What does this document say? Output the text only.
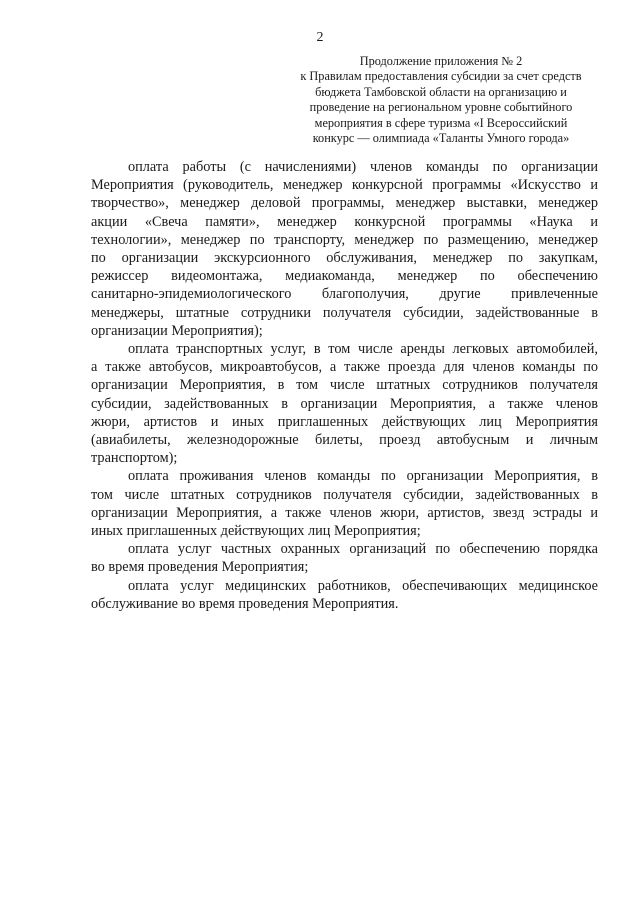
2
Продолжение приложения № 2
к Правилам предоставления субсидии за счет средств
бюджета Тамбовской области на организацию и
проведение на региональном уровне событийного
мероприятия в сфере туризма «I Всероссийский
конкурс — олимпиада «Таланты Умного города»

оплата работы (с начислениями) членов команды по организации
Мероприятия (руководитель, менеджер конкурсной программы «Искусство и
творчество», менеджер деловой программы, менеджер выставки, менеджер
акции «Свеча памяти», менеджер конкурсной программы «Наука и
технологии», менеджер по транспорту, менеджер по размещению, менеджер
по организации экскурсионного обслуживания, менеджер по закупкам,
режиссер видеомонтажа, медиакоманда, менеджер по обеспечению
санитарно-эпидемиологического благополучия, другие привлеченные
менеджеры, штатные сотрудники получателя субсидии, задействованные в
организации Мероприятия);

оплата транспортных услуг, в том числе аренды легковых автомобилей,
а также автобусов, микроавтобусов, а также проезда для членов команды по
организации Мероприятия, в том числе штатных сотрудников получателя
субсидии, задействованных в организации Мероприятия, а также членов
жюри, артистов и иных приглашенных действующих лиц Мероприятия
(авиабилеты, железнодорожные билеты, проезд автобусным и личным
транспортом);

оплата проживания членов команды по организации Мероприятия, в
том числе штатных сотрудников получателя субсидии, задействованных в
организации Мероприятия, а также членов жюри, артистов, звезд эстрады и
иных приглашенных действующих лиц Мероприятия;

оплата услуг частных охранных организаций по обеспечению порядка
во время проведения Мероприятия;

оплата услуг медицинских работников, обеспечивающих медицинское
обслуживание во время проведения Мероприятия.
